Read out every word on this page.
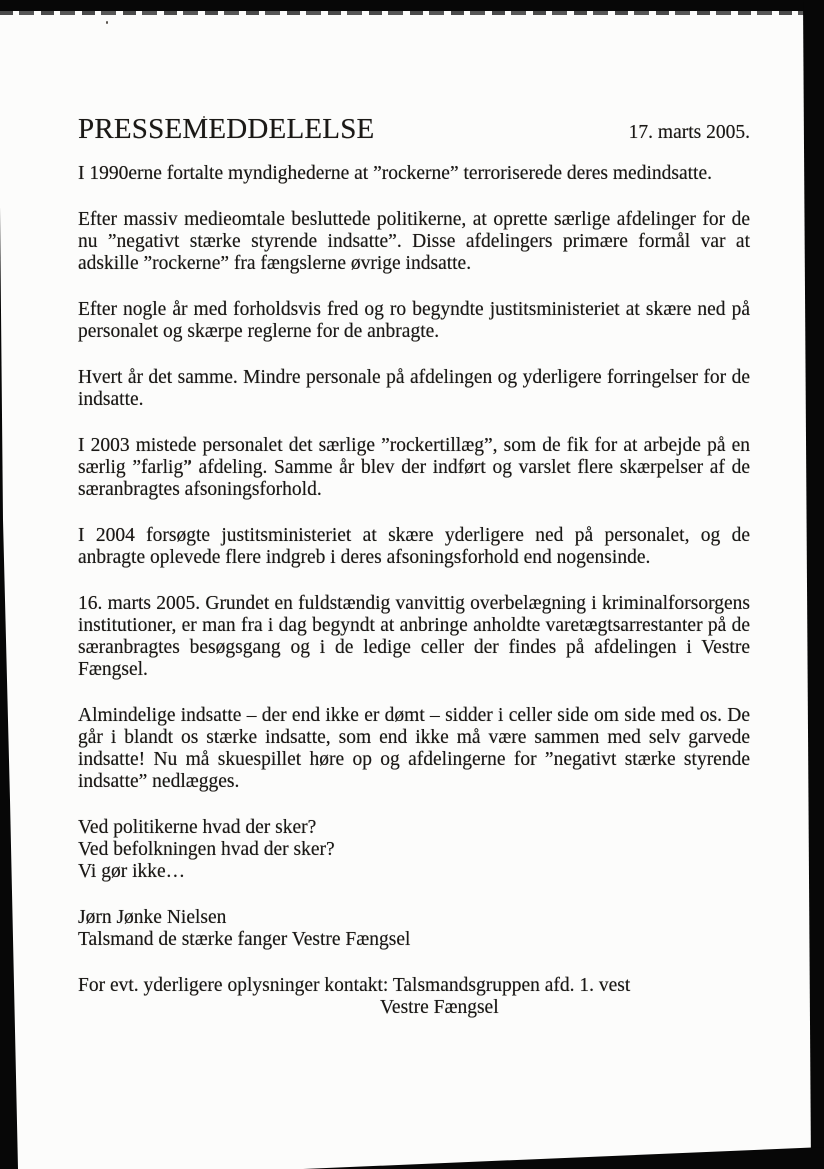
PRESSEMEDDELELSE	17. marts 2005.

I 1990erne fortalte myndighederne at ”rockerne” terroriserede deres medindsatte.

Efter massiv medieomtale besluttede politikerne, at oprette særlige afdelinger for de nu ”negativt stærke styrende indsatte”. Disse afdelingers primære formål var at adskille ”rockerne” fra fængslerne øvrige indsatte.

Efter nogle år med forholdsvis fred og ro begyndte justitsministeriet at skære ned på personalet og skærpe reglerne for de anbragte.

Hvert år det samme. Mindre personale på afdelingen og yderligere forringelser for de indsatte.

I 2003 mistede personalet det særlige ”rockertillæg”, som de fik for at arbejde på en særlig ”farlig” afdeling. Samme år blev der indført og varslet flere skærpelser af de særanbragtes afsoningsforhold.

I 2004 forsøgte justitsministeriet at skære yderligere ned på personalet, og de anbragte oplevede flere indgreb i deres afsoningsforhold end nogensinde.

16. marts 2005. Grundet en fuldstændig vanvittig overbelægning i kriminalforsorgens institutioner, er man fra i dag begyndt at anbringe anholdte varetægtsarrestanter på de særanbragtes besøgsgang og i de ledige celler der findes på afdelingen i Vestre Fængsel.

Almindelige indsatte – der end ikke er dømt – sidder i celler side om side med os. De går i blandt os stærke indsatte, som end ikke må være sammen med selv garvede indsatte! Nu må skuespillet høre op og afdelingerne for ”negativt stærke styrende indsatte” nedlægges.

Ved politikerne hvad der sker?

Ved befolkningen hvad der sker?

Vi gør ikke…

Jørn Jønke Nielsen

Talsmand de stærke fanger Vestre Fængsel

For evt. yderligere oplysninger kontakt: Talsmandsgruppen afd. 1. vest

Vestre Fængsel
